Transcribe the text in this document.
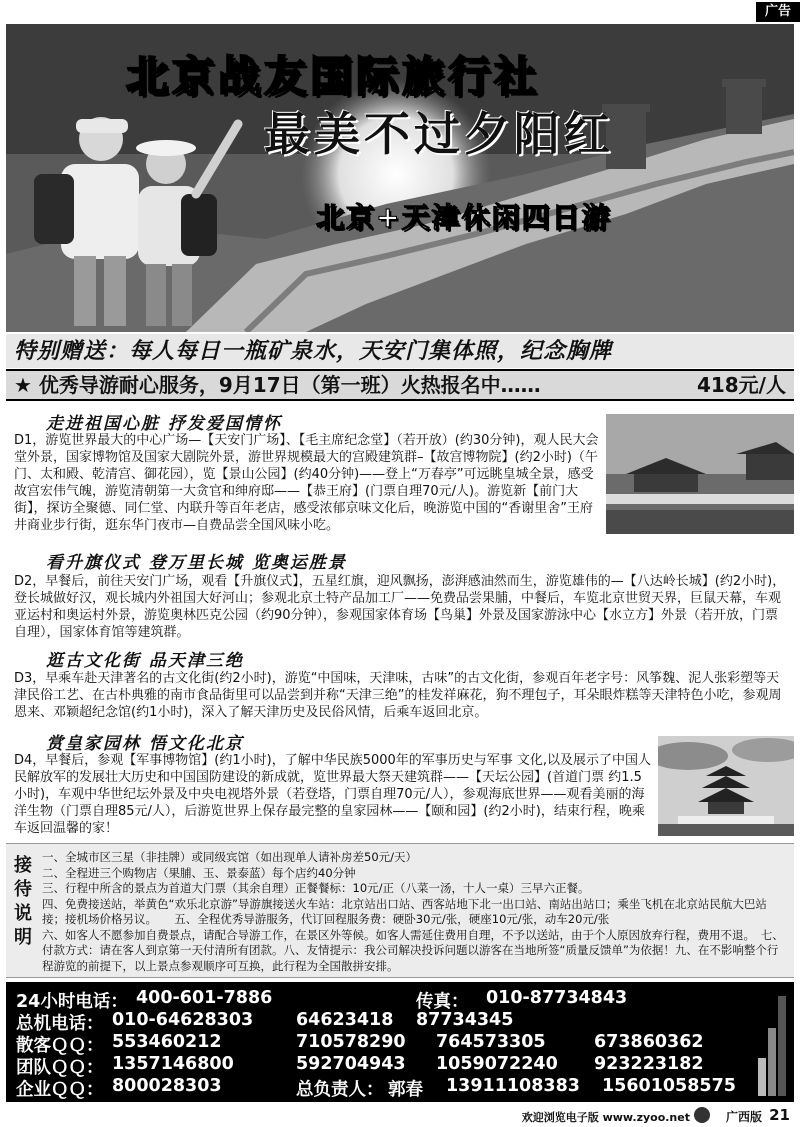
广告
北京战友国际旅行社
最美不过夕阳红
北京+天津休闲四日游
特别赠送：每人每日一瓶矿泉水，天安门集体照，纪念胸牌
★ 优秀导游耐心服务，9月17日（第一班）火热报名中……	418元/人
走进祖国心脏 抒发爱国情怀
D1，游览世界最大的中心广场—【天安门广场】、【毛主席纪念堂】（若开放）(约30分钟)，观人民大会堂外景，国家博物馆及国家大剧院外景，游世界规模最大的宫殿建筑群–【故宫博物院】(约2小时)（午门、太和殿、乾清宫、御花园），览【景山公园】(约40分钟)——登上“万春亭”可远眺皇城全景，感受故宫宏伟气魄，游览清朝第一大贪官和绅府邸——【恭王府】(门票自理70元/人)。游览新【前门大街】，探访全聚德、同仁堂、内联升等百年老店，感受浓郁京味文化后，晚游览中国的“香谢里舍”王府井商业步行街，逛东华门夜市—自费品尝全国风味小吃。
看升旗仪式 登万里长城 览奥运胜景
D2，早餐后，前往天安门广场，观看【升旗仪式】，五星红旗，迎风飘扬，澎湃感油然而生，游览雄伟的—【八达岭长城】(约2小时)，登长城做好汉，观长城内外祖国大好河山；参观北京土特产品加工厂——免费品尝果脯，中餐后，车览北京世贸天界，巨鼠天幕，车观亚运村和奥运村外景，游览奥林匹克公园（约90分钟），参观国家体育场【鸟巢】外景及国家游泳中心【水立方】外景（若开放，门票自理），国家体育馆等建筑群。
逛古文化街 品天津三绝
D3，早乘车赴天津著名的古文化街(约2小时)，游览“中国味，天津味，古味”的古文化街，参观百年老字号：风筝魏、泥人张彩塑等天津民俗工艺、在古朴典雅的南市食品街里可以品尝到并称“天津三绝”的桂发祥麻花，狗不理包子，耳朵眼炸糕等天津特色小吃，参观周恩来、邓颖超纪念馆(约1小时)，深入了解天津历史及民俗风情，后乘车返回北京。
赏皇家园林 悟文化北京
D4，早餐后，参观【军事博物馆】(约1小时)，了解中华民族5000年的军事历史与军事 文化,以及展示了中国人民解放军的发展壮大历史和中国国防建设的新成就，览世界最大祭天建筑群——【天坛公园】(首道门票 约1.5小时)，车观中华世纪坛外景及中央电视塔外景（若登塔，门票自理70元/人），参观海底世界——观看美丽的海洋生物（门票自理85元/人），后游览世界上保存最完整的皇家园林——【颐和园】(约2小时)，结束行程，晚乘车返回温馨的家！
接
待
说
明
一、全城市区三星（非挂牌）或同级宾馆（如出现单人请补房差50元/天）
二、全程进三个购物店（果脯、玉、景泰蓝）每个店约40分钟
三、行程中所含的景点为首道大门票（其余自理）正餐餐标：10元/正（八菜一汤，十人一桌）三早六正餐。
四、免费接送站，举黄色“欢乐北京游”导游旗接送火车站：北京站出口站、西客站地下北一出口站、南站出站口；乘坐飞机在北京站民航大巴站接；接机场价格另议。　　五、全程优秀导游服务，代订回程服务费：硬卧30元/张，硬座10元/张，动车20元/张
六、如客人不愿参加自费景点，请配合导游工作，在景区外等候。如客人需延住费用自理，不予以送站，由于个人原因放弃行程，费用不退。　七、付款方式：请在客人到京第一天付清所有团款。八、友情提示：我公司解决投诉问题以游客在当地所签“质量反馈单”为依据！九、在不影响整个行程游览的前提下，以上景点参观顺序可互换，此行程为全国散拼安排。
24小时电话： 400-601-7886	传真： 010-87734843
总机电话： 010-64628303 64623418 87734345
散客ＱＱ： 553460212	710578290 764573305	673860362
团队ＱＱ： 1357146800	592704943 1059072240 923223182
企业ＱＱ： 800028303	总负责人： 郭春 13911108383 15601058575
欢迎浏览电子版 www.zyoo.net	广西版 21
